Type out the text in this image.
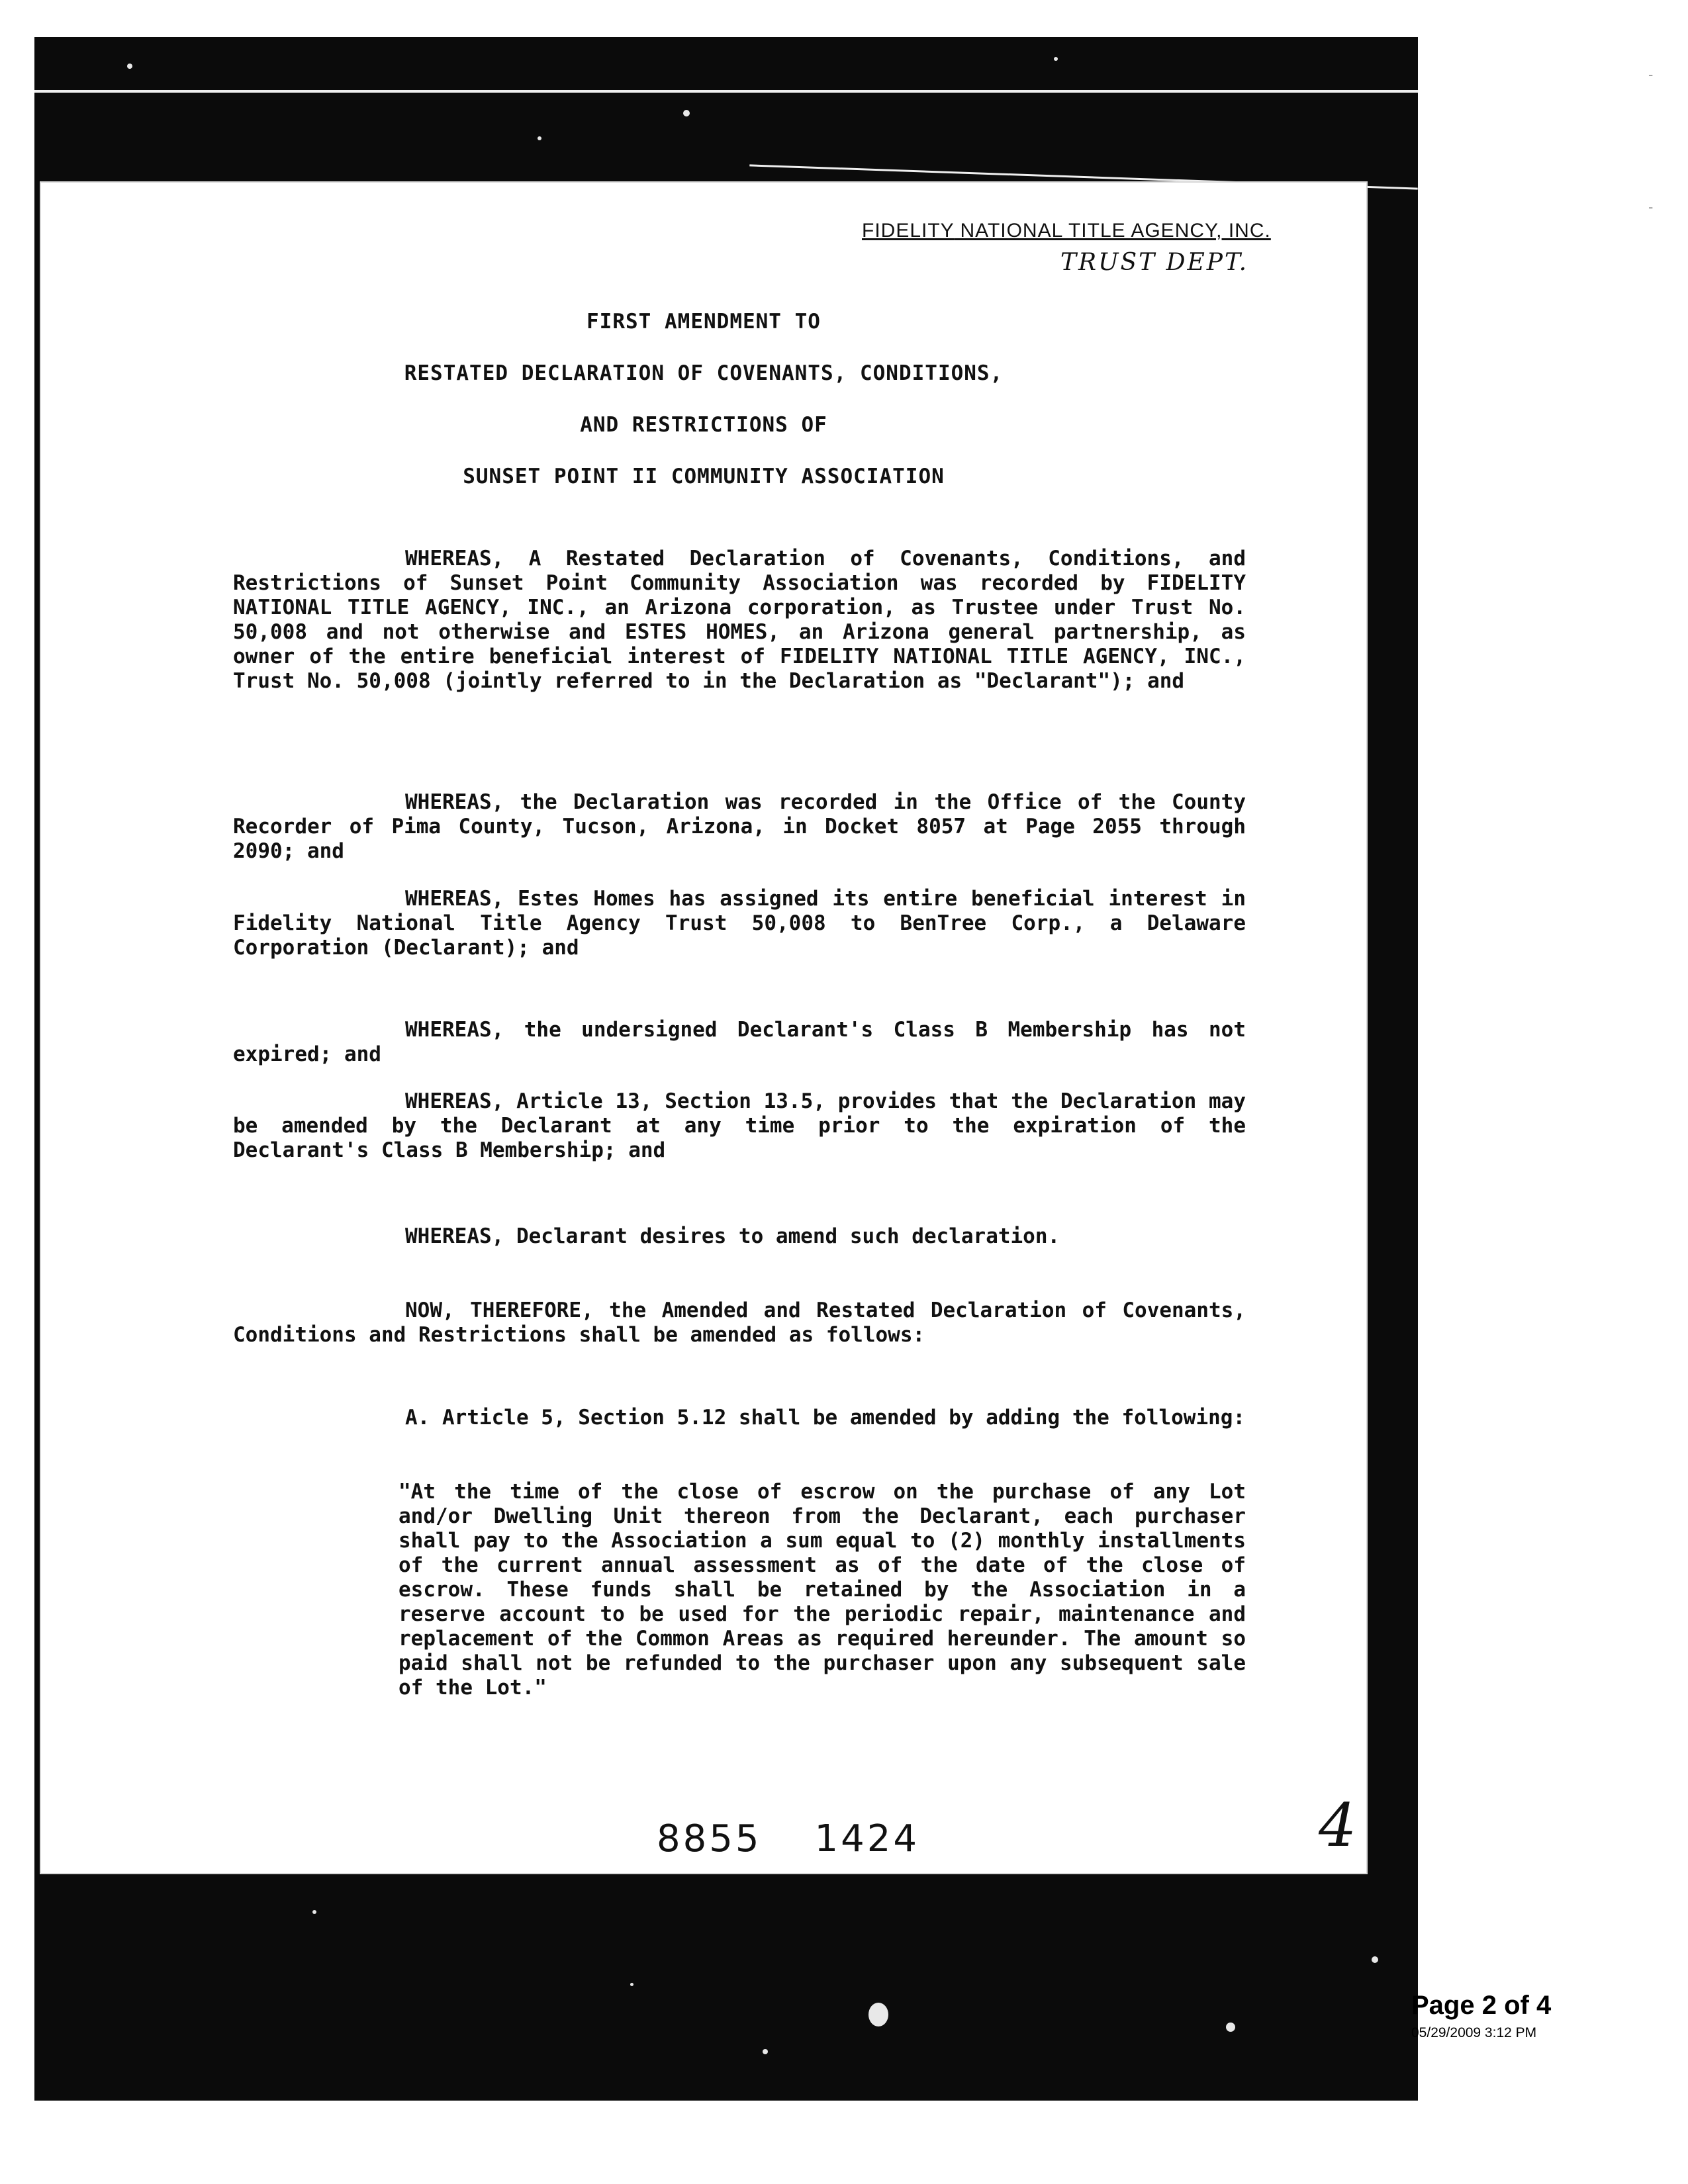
FIDELITY NATIONAL TITLE AGENCY, INC.
TRUST DEPT.
FIRST AMENDMENT TO
RESTATED DECLARATION OF COVENANTS, CONDITIONS,
AND RESTRICTIONS OF
SUNSET POINT II COMMUNITY ASSOCIATION

WHEREAS, A Restated Declaration of Covenants, Conditions, and Restrictions of Sunset Point Community Association was recorded by FIDELITY NATIONAL TITLE AGENCY, INC., an Arizona corporation, as Trustee under Trust No. 50,008 and not otherwise and ESTES HOMES, an Arizona general partnership, as owner of the entire beneficial interest of FIDELITY NATIONAL TITLE AGENCY, INC., Trust No. 50,008 (jointly referred to in the Declaration as "Declarant"); and

WHEREAS, the Declaration was recorded in the Office of the County Recorder of Pima County, Tucson, Arizona, in Docket 8057 at Page 2055 through 2090; and

WHEREAS, Estes Homes has assigned its entire beneficial interest in Fidelity National Title Agency Trust 50,008 to BenTree Corp., a Delaware Corporation (Declarant); and

WHEREAS, the undersigned Declarant's Class B Membership has not expired; and

WHEREAS, Article 13, Section 13.5, provides that the Declaration may be amended by the Declarant at any time prior to the expiration of the Declarant's Class B Membership; and

WHEREAS, Declarant desires to amend such declaration.

NOW, THEREFORE, the Amended and Restated Declaration of Covenants, Conditions and Restrictions shall be amended as follows:

A. Article 5, Section 5.12 shall be amended by adding the following:

"At the time of the close of escrow on the purchase of any Lot and/or Dwelling Unit thereon from the Declarant, each purchaser shall pay to the Association a sum equal to (2) monthly installments of the current annual assessment as of the date of the close of escrow. These funds shall be retained by the Association in a reserve account to be used for the periodic repair, maintenance and replacement of the Common Areas as required hereunder. The amount so paid shall not be refunded to the purchaser upon any subsequent sale of the Lot."

8855 1424	4
-
-
Page 2 of 4
05/29/2009 3:12 PM
